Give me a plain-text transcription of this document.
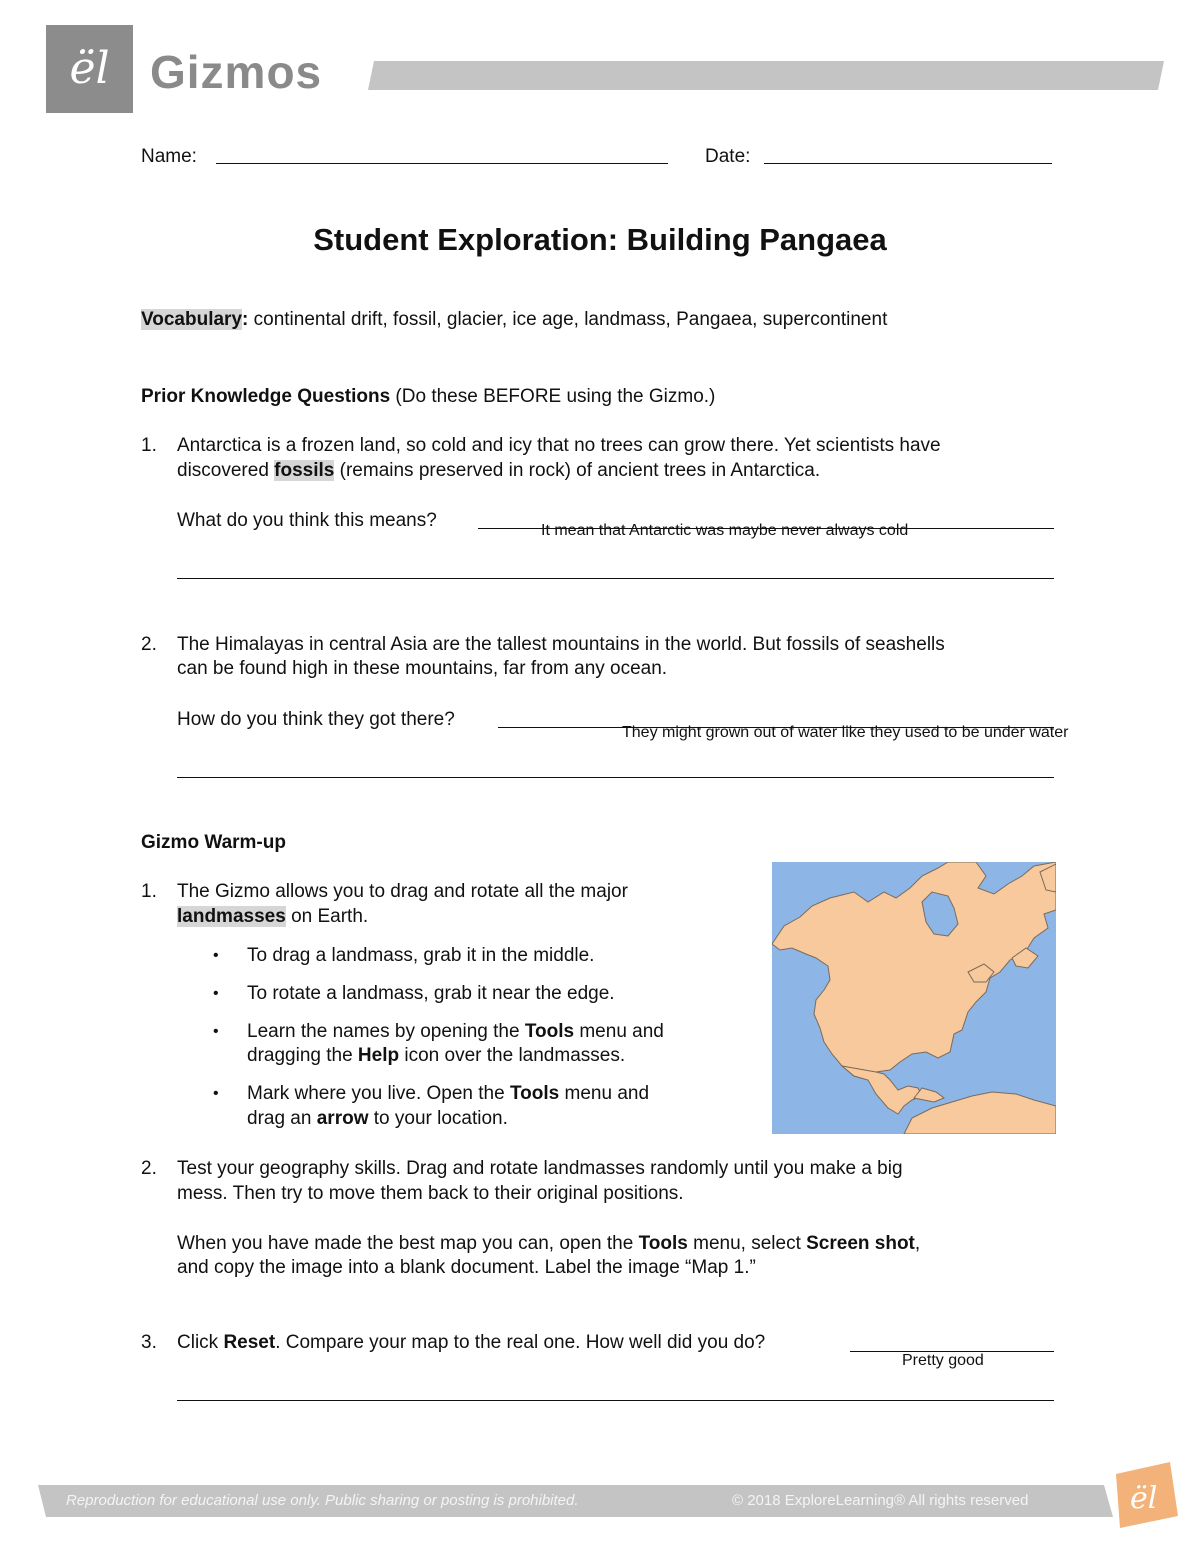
ël Gizmos
Name:	Date:
Student Exploration: Building Pangaea
Vocabulary: continental drift, fossil, glacier, ice age, landmass, Pangaea, supercontinent
Prior Knowledge Questions (Do these BEFORE using the Gizmo.)
1. Antarctica is a frozen land, so cold and icy that no trees can grow there. Yet scientists have
discovered fossils (remains preserved in rock) of ancient trees in Antarctica.
What do you think this means?	It mean that Antarctic was maybe never always cold
2. The Himalayas in central Asia are the tallest mountains in the world. But fossils of seashells
can be found high in these mountains, far from any ocean.
How do you think they got there?
They might grown out of water like they used to be under water
Gizmo Warm-up
1. The Gizmo allows you to drag and rotate all the major
landmasses on Earth.
• To drag a landmass, grab it in the middle.
• To rotate a landmass, grab it near the edge.
• Learn the names by opening the Tools menu and
dragging the Help icon over the landmasses.
• Mark where you live. Open the Tools menu and
drag an arrow to your location.
2. Test your geography skills. Drag and rotate landmasses randomly until you make a big
mess. Then try to move them back to their original positions.
When you have made the best map you can, open the Tools menu, select Screen shot,
and copy the image into a blank document. Label the image “Map 1.”
3. Click Reset. Compare your map to the real one. How well did you do?
Pretty good
Reproduction for educational use only. Public sharing or posting is prohibited.	© 2018 ExploreLearning® All rights reserved	ël
